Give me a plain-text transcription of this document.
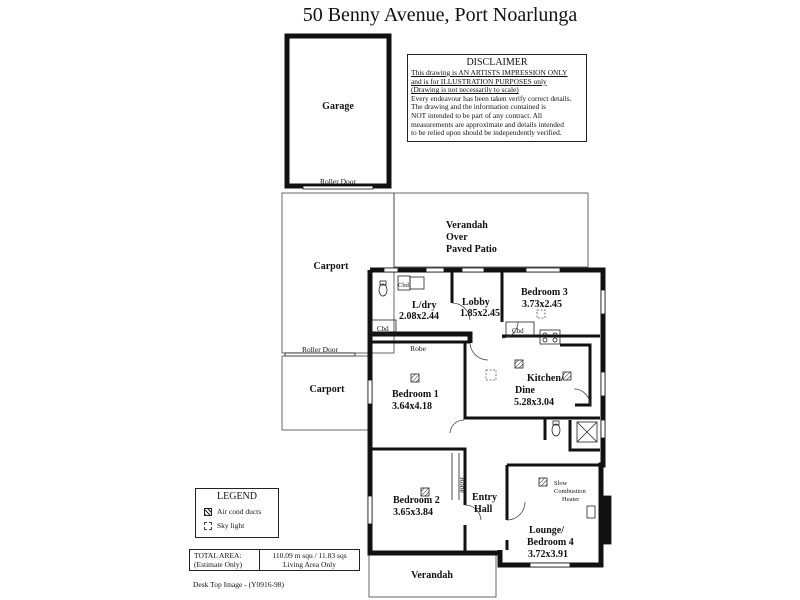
50 Benny Avenue, Port Noarlunga
Garage
Roller Door
Carport
Roller Door
Carport
Verandah
Over
Paved Patio
Cbd
Cbd	Cbd
L/dry
2.08x2.44
Lobby
1.85x2.45
Bedroom 3
3.73x2.45
Robe
Bedroom 1
3.64x4.18
Kitchen/
Dine
5.28x3.04
Slow
Combustion
Heater
Robe
Bedroom 2
3.65x3.84
Entry
Hall
Lounge/
Bedroom 4
3.72x3.91
Verandah
DISCLAIMER
This drawing is AN ARTISTS IMPRESSION ONLY
and is for ILLUSTRATION PURPOSES only
(Drawing is not necessarily to scale)
Every endeavour has been taken verify correct details.
The drawing and the information contained is
NOT intended to be part of any contract. All
measurements are approximate and details intended
to be relied upon should be independently verified.
LEGEND
Air cond ducts
Sky light
TOTAL AREA:
(Estimate Only)
110.09 m squ / 11.83 sqs
Living Area Only
Desk Top Image - (Y0916-98)
